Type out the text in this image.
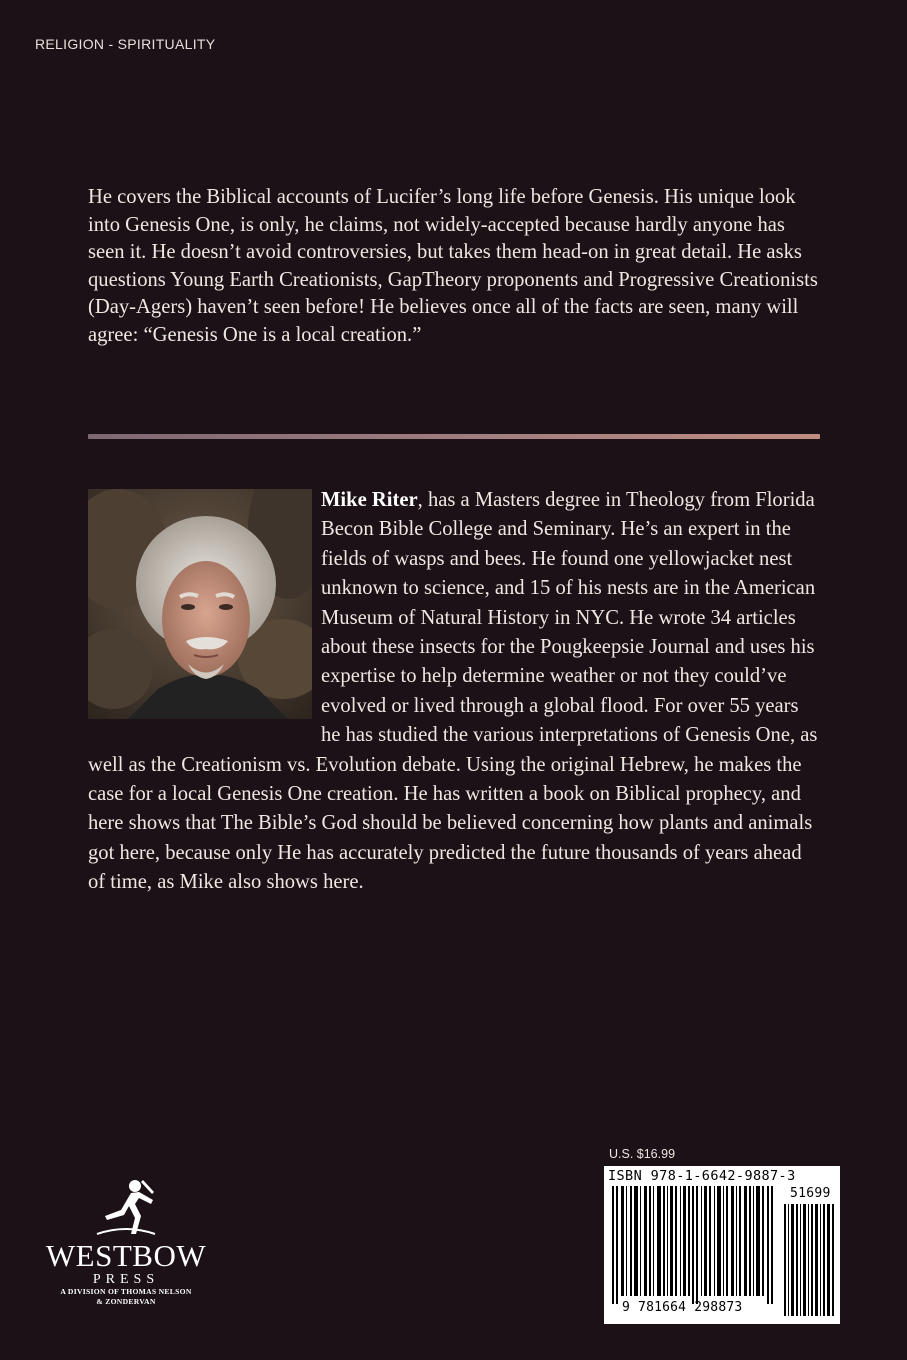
RELIGION - SPIRITUALITY

He covers the Biblical accounts of Lucifer’s long life before Genesis. His unique look into Genesis One, is only, he claims, not widely-accepted because hardly anyone has seen it. He doesn’t avoid controversies, but takes them head-on in great detail. He asks questions Young Earth Creationists, GapTheory proponents and Progressive Creationists (Day-Agers) haven’t seen before! He believes once all of the facts are seen, many will agree: “Genesis One is a local creation.”

Mike Riter, has a Masters degree in Theology from Florida Becon Bible College and Seminary. He’s an expert in the fields of wasps and bees. He found one yellowjacket nest unknown to science, and 15 of his nests are in the American Museum of Natural History in NYC. He wrote 34 articles about these insects for the Pougkeepsie Journal and uses his expertise to help determine weather or not they could’ve evolved or lived through a global flood. For over 55 years he has studied the various interpretations of Genesis One, as well as the Creationism vs. Evolution debate. Using the original Hebrew, he makes the case for a local Genesis One creation. He has written a book on Biblical prophecy, and here shows that The Bible’s God should be believed concerning how plants and animals got here, because only He has accurately predicted the future thousands of years ahead of time, as Mike also shows here.

WESTBOW
PRESS
A DIVISION OF THOMAS NELSON
& ZONDERVAN
U.S. $16.99
ISBN 978-1-6642-9887-3
51699
9 781664 298873
